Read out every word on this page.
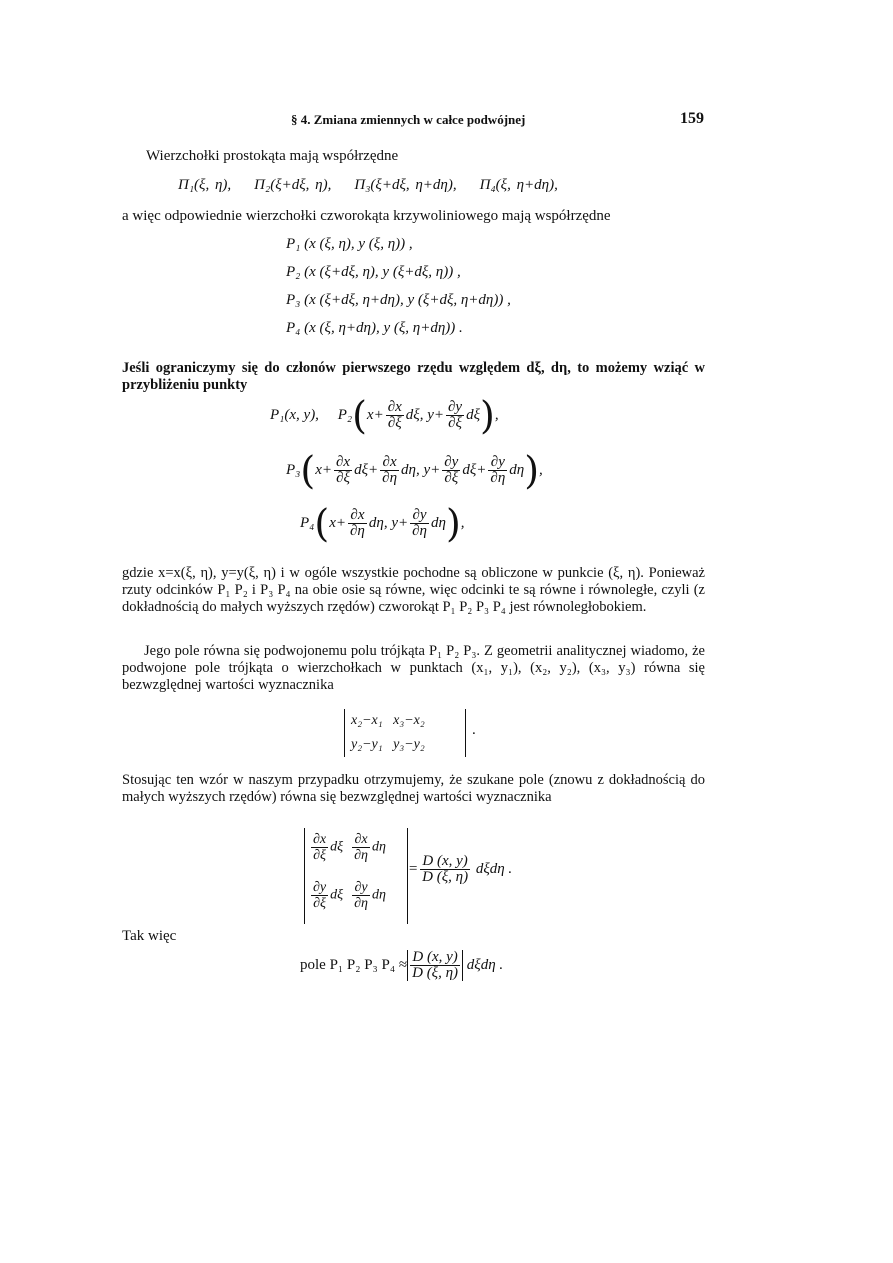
§ 4. Zmiana zmiennych w całce podwójnej	159
Wierzchołki prostokąta mają współrzędne
Π₁(ξ, η), Π₂(ξ+dξ, η), Π₃(ξ+dξ, η+dη), Π₄(ξ, η+dη),
a więc odpowiednie wierzchołki czworokąta krzywoliniowego mają współrzędne
P₁ (x (ξ, η), y (ξ, η)) ,
P₂ (x (ξ+dξ, η), y (ξ+dξ, η)) ,
P₃ (x (ξ+dξ, η+dη), y (ξ+dξ, η+dη)) ,
P₄ (x (ξ, η+dη), y (ξ, η+dη)) .
Jeśli ograniczymy się do członów pierwszego rzędu względem dξ, dη, to możemy wziąć w przybliżeniu punkty
P₁(x, y), $P_2(x+ \frac{\partial x}{\partial\xi} d\xi$, $y+ \frac{\partial y}{\partial\xi} d\xi$),
$P_3(x+ \frac{\partial x}{\partial\xi} d\xi+ \frac{\partial x}{\partial\eta} d\eta$, $y+ \frac{\partial y}{\partial\xi} d\xi+ \frac{\partial y}{\partial\eta} d\eta$),
$P_4(x+ \frac{\partial x}{\partial\eta} d\eta$, $y+ \frac{\partial y}{\partial\eta} d\eta$),
gdzie x=x(ξ, η), y=y(ξ, η) i w ogóle wszystkie pochodne są obliczone w punkcie (ξ, η). Ponieważ rzuty odcinków P₁ P₂ i P₃ P₄ na obie osie są równe, więc odcinki te są równe i równoległe, czyli (z dokładnością do małych wyższych rzędów) czworokąt P₁ P₂ P₃ P₄ jest równoległobokiem.
Jego pole równa się podwojonemu polu trójkąta P₁ P₂ P₃. Z geometrii analitycznej wiadomo, że podwojone pole trójkąta o wierzchołkach w punktach (x₁, y₁), (x₂, y₂), (x₃, y₃) równa się bezwzględnej wartości wyznacznika
x₂−x₁   x₃−x₂
y₂−y₁   y₃−y₂
.
Stosując ten wzór w naszym przypadku otrzymujemy, że szukane pole (znowu z dokładnością do małych wyższych rzędów) równa się bezwzględnej wartości wyznacznika
$\frac{\partial x}{\partial\xi}$ dξ $\frac{\partial x}{\partial\eta}$ dη
$\frac{\partial y}{\partial\xi}$ dξ $\frac{\partial y}{\partial\eta}$ dη
= $\frac{D (x, y)}{D (\xi, \eta)}$ dξdη .
Tak więc
pole P₁ P₂ P₃ $P_4 \approx \frac{D (x, y)}{D (\xi, \eta)}$ dξdη .
